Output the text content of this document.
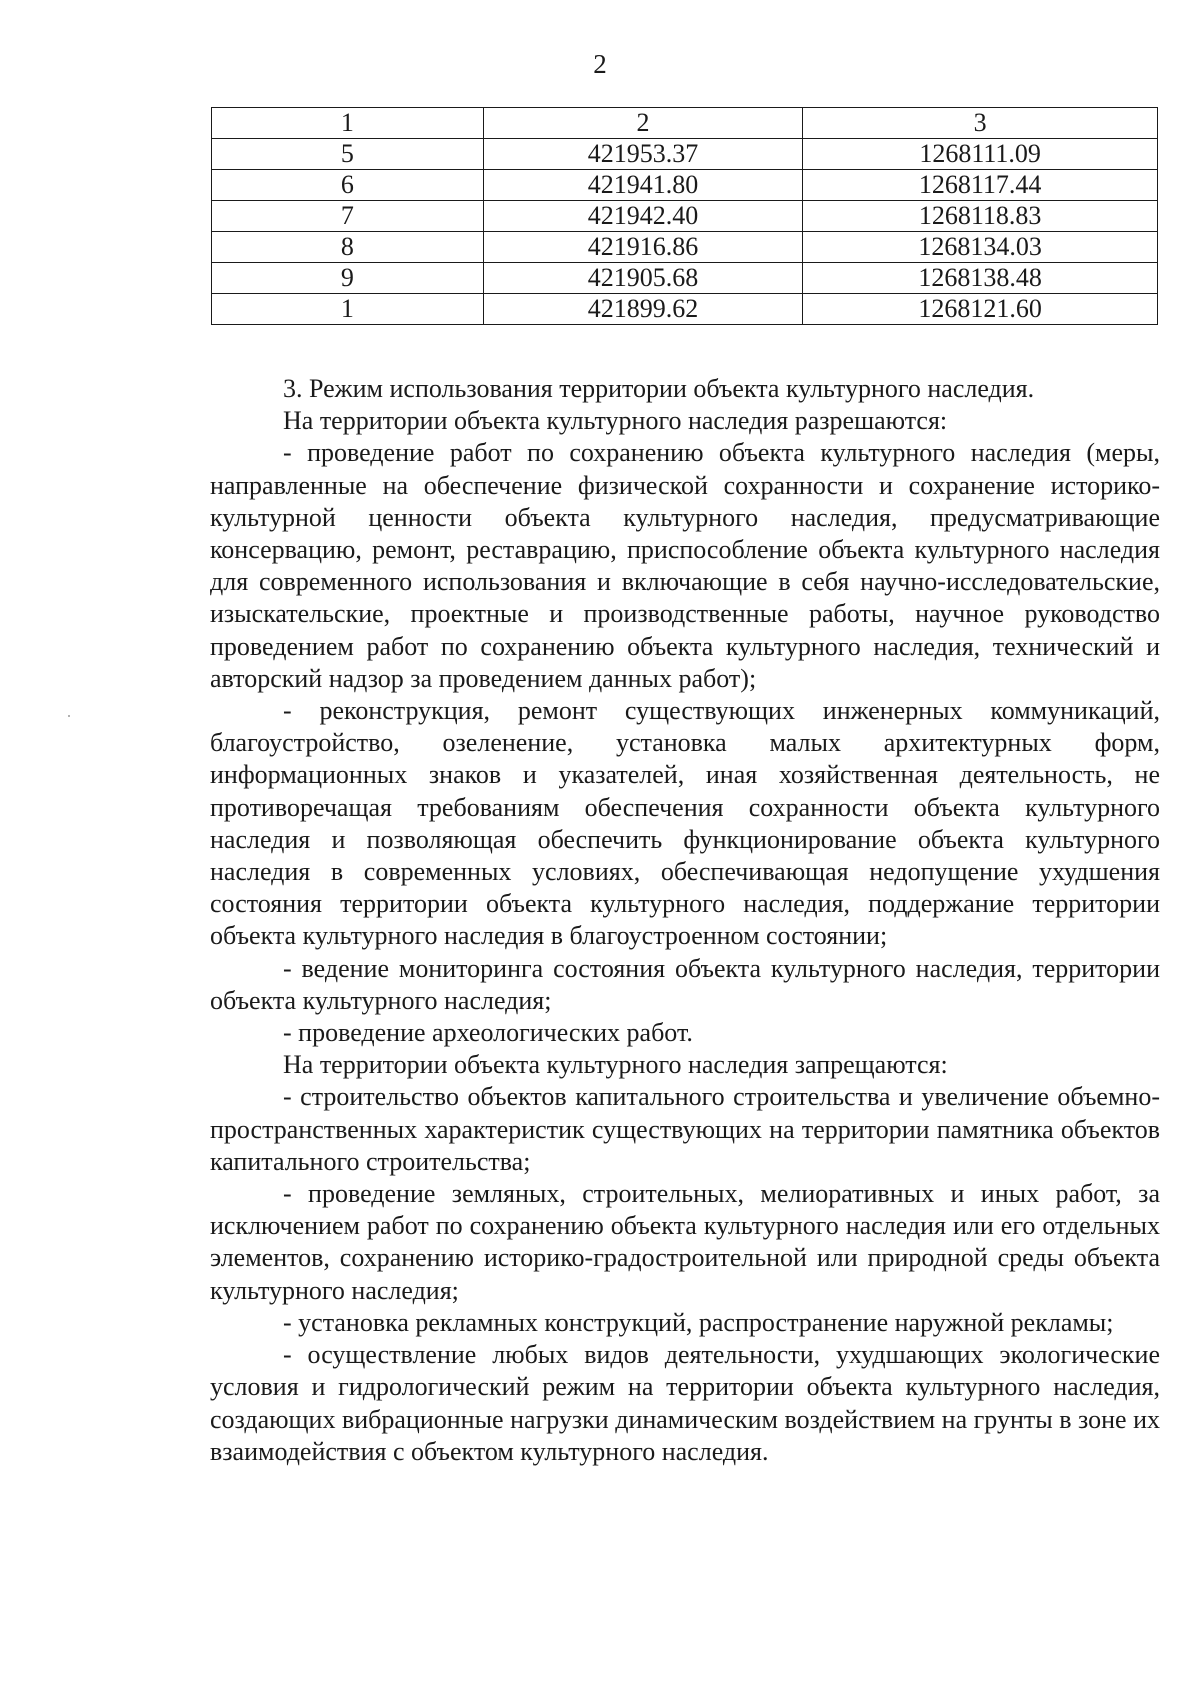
2
1	2	3
5	421953.37	1268111.09
6	421941.80	1268117.44
7	421942.40	1268118.83
8	421916.86	1268134.03
9	421905.68	1268138.48
1	421899.62	1268121.60

3. Режим использования территории объекта культурного наследия.

На территории объекта культурного наследия разрешаются:

- проведение работ по сохранению объекта культурного наследия (меры, направленные на обеспечение физической сохранности и сохранение историко-культурной ценности объекта культурного наследия, предусматривающие консервацию, ремонт, реставрацию, приспособление объекта культурного наследия для современного использования и включающие в себя научно-исследовательские, изыскательские, проектные и производственные работы, научное руководство проведением работ по сохранению объекта культурного наследия, технический и авторский надзор за проведением данных работ);

- реконструкция, ремонт существующих инженерных коммуникаций, благоустройство, озеленение, установка малых архитектурных форм, информационных знаков и указателей, иная хозяйственная деятельность, не противоречащая требованиям обеспечения сохранности объекта культурного наследия и позволяющая обеспечить функционирование объекта культурного наследия в современных условиях, обеспечивающая недопущение ухудшения состояния территории объекта культурного наследия, поддержание территории объекта культурного наследия в благоустроенном состоянии;

- ведение мониторинга состояния объекта культурного наследия, территории объекта культурного наследия;

- проведение археологических работ.

На территории объекта культурного наследия запрещаются:

- строительство объектов капитального строительства и увеличение объемно-пространственных характеристик существующих на территории памятника объектов капитального строительства;

- проведение земляных, строительных, мелиоративных и иных работ, за исключением работ по сохранению объекта культурного наследия или его отдельных элементов, сохранению историко-градостроительной или природной среды объекта культурного наследия;

- установка рекламных конструкций, распространение наружной рекламы;

- осуществление любых видов деятельности, ухудшающих экологические условия и гидрологический режим на территории объекта культурного наследия, создающих вибрационные нагрузки динамическим воздействием на грунты в зоне их взаимодействия с объектом культурного наследия.
